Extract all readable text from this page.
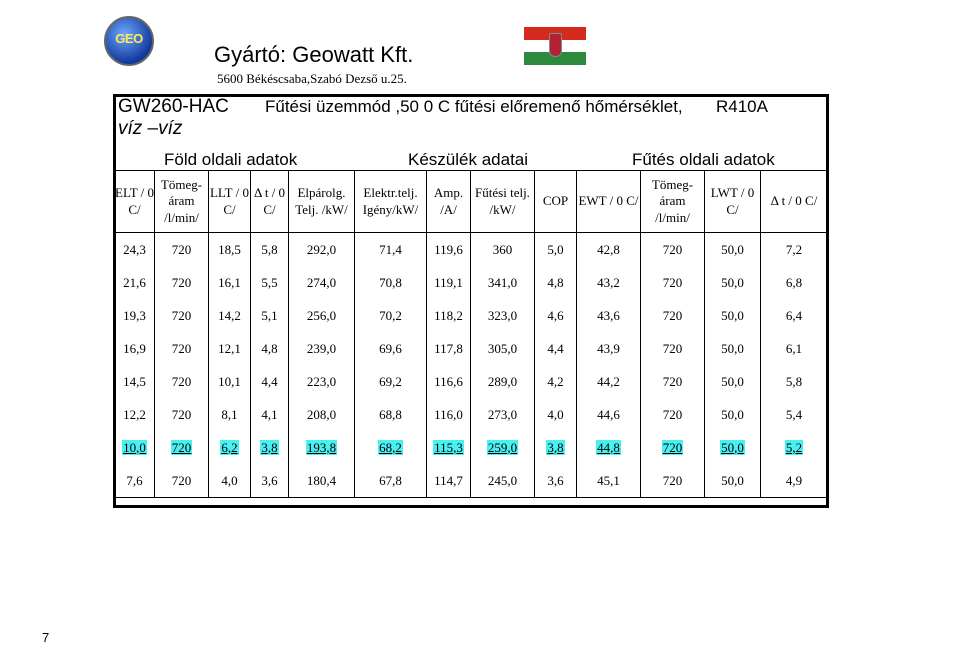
GEO
Gyártó: Geowatt Kft.
5600 Békéscsaba,Szabó Dezső u.25.
GW260-HAC Fűtési üzemmód ,50 0 C fűtési előremenő hőmérséklet, R410A
víz –víz
Föld oldali adatok	Készülék adatai	Fűtés oldali adatok
ELT / 0 C/	Tömeg-áram /l/min/	LLT / 0 C/	Δ t / 0 C/	Elpárolg. Telj. /kW/	Elektr.telj. Igény/kW/	Amp. /A/	Fűtési telj. /kW/	COP	EWT / 0 C/	Tömeg-áram /l/min/	LWT / 0 C/	Δ t / 0 C/
24,3	720	18,5	5,8	292,0	71,4	119,6	360	5,0	42,8	720	50,0	7,2
21,6	720	16,1	5,5	274,0	70,8	119,1	341,0	4,8	43,2	720	50,0	6,8
19,3	720	14,2	5,1	256,0	70,2	118,2	323,0	4,6	43,6	720	50,0	6,4
16,9	720	12,1	4,8	239,0	69,6	117,8	305,0	4,4	43,9	720	50,0	6,1
14,5	720	10,1	4,4	223,0	69,2	116,6	289,0	4,2	44,2	720	50,0	5,8
12,2	720	8,1	4,1	208,0	68,8	116,0	273,0	4,0	44,6	720	50,0	5,4
10,0	720	6,2	3,8	193,8	68,2	115,3	259,0	3,8	44,8	720	50,0	5,2
7,6	720	4,0	3,6	180,4	67,8	114,7	245,0	3,6	45,1	720	50,0	4,9
7
